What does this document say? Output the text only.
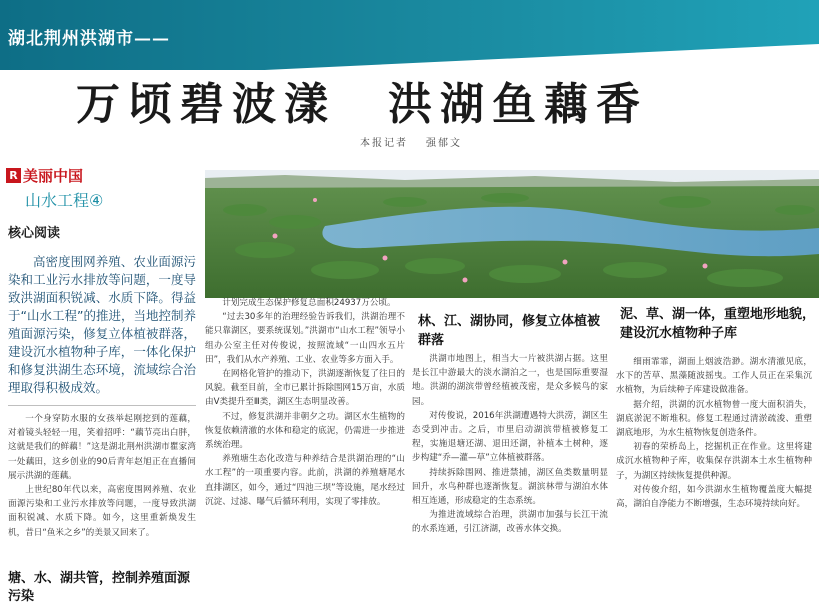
湖北荆州洪湖市——
万顷碧波漾　洪湖鱼藕香
本报记者 强郁文
R 美丽中国
山水工程④
核心阅读

高密度围网养殖、农业面源污染和工业污水排放等问题，一度导致洪湖面积锐减、水质下降。得益于“山水工程”的推进，当地控制养殖面源污染，修复立体植被群落，建设沉水植物种子库，一体化保护和修复洪湖生态环境，流域综合治理取得积极成效。

一个身穿防水服的女孩举起刚挖到的莲藕，对着镜头轻轻一甩，笑着招呼：“藕节亮出白胖，这就是我们的鲜藕！”这是湖北荆州洪湖市瞿家湾一处藕田，这乡创业的90后青年赵旭正在直播间展示洪湖的莲藕。

上世纪80年代以来，高密度围网养殖、农业面源污染和工业污水排放等问题，一度导致洪湖面积锐减、水质下降。如今，这里重新焕发生机，昔日“鱼米之乡”的美景又回来了。

塘、水、湖共管，控制养殖面源污染

计划完成生态保护修复总面积24937万公顷。

“过去30多年的治理经验告诉我们，洪湖治理不能只靠湖区，要系统谋划。”洪湖市“山水工程”领导小组办公室主任对传俊说，按照流域“一山四水五片田”，我们从水产养殖、工业、农业等多方面入手。

在网格化管护的推动下，洪湖逐渐恢复了往日的风貌。截至目前，全市已累计拆除围网15万亩，水质由Ⅴ类提升至Ⅲ类，湖区生态明显改善。

不过，修复洪湖并非朝夕之功。湖区水生植物的恢复依赖清澈的水体和稳定的底泥，仍需进一步推进系统治理。

养殖塘生态化改造与种养结合是洪湖治理的“山水工程”的一项重要内容。此前，洪湖的养殖塘尾水直排湖区，如今，通过“四池三坝”等设施，尾水经过沉淀、过滤、曝气后循环利用，实现了零排放。

林、江、湖协同，修复立体植被群落

洪湖市地图上，相当大一片被洪湖占据。这里是长江中游最大的淡水湖泊之一，也是国际重要湿地。洪湖的湖滨带曾经植被茂密，是众多候鸟的家园。

对传俊说，2016年洪湖遭遇特大洪涝，湖区生态受到冲击。之后，市里启动湖滨带植被修复工程，实施退塘还湖、退田还湖，补植本土树种，逐步构建“乔—灌—草”立体植被群落。

持续拆除围网、推进禁捕，湖区鱼类数量明显回升，水鸟种群也逐渐恢复。湖滨林带与湖泊水体相互连通，形成稳定的生态系统。

为推进流域综合治理，洪湖市加强与长江干流的水系连通，引江济湖，改善水体交换。

泥、草、湖一体，重塑地形地貌，建设沉水植物种子库

细雨霏霏，湖面上烟波浩渺。湖水清澈见底，水下的苦草、黑藻随波摇曳。工作人员正在采集沉水植物，为后续种子库建设做准备。

据介绍，洪湖的沉水植物曾一度大面积消失，湖底淤泥不断堆积。修复工程通过清淤疏浚、重塑湖底地形，为水生植物恢复创造条件。

初春的荣桥岛上，挖掘机正在作业。这里将建成沉水植物种子库，收集保存洪湖本土水生植物种子，为湖区持续恢复提供种源。

对传俊介绍，如今洪湖水生植物覆盖度大幅提高，湖泊自净能力不断增强，生态环境持续向好。
